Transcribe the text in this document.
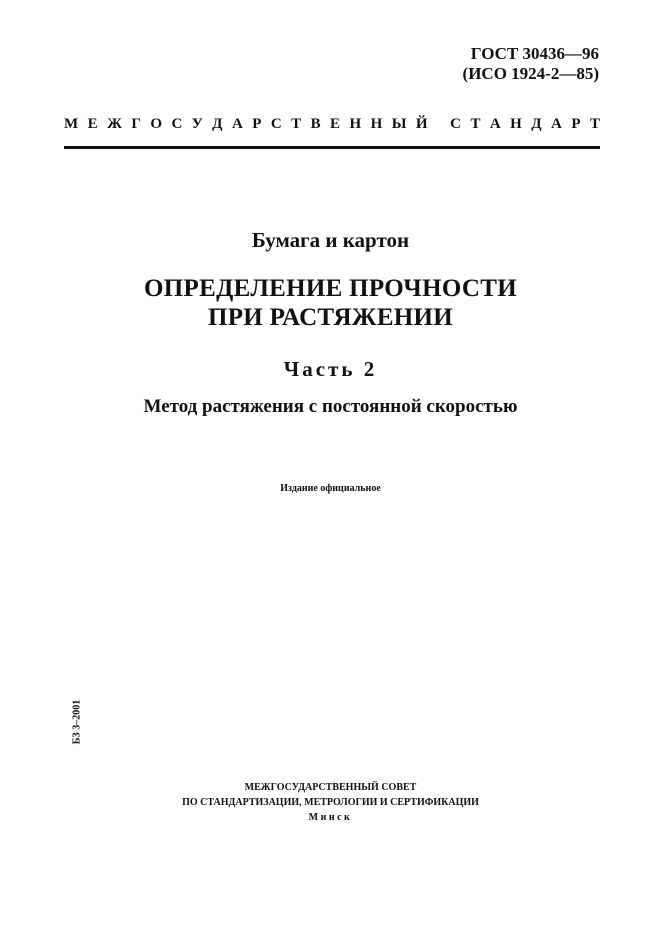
ГОСТ 30436—96
(ИСО 1924-2—85)
М Е Ж Г О С У Д А Р С Т В Е Н Н Ы Й
С Т А Н Д А Р Т
Бумага и картон
ОПРЕДЕЛЕНИЕ ПРОЧНОСТИ
ПРИ РАСТЯЖЕНИИ
Часть 2
Метод растяжения с постоянной скоростью
Издание официальное
БЗ 3–2001
МЕЖГОСУДАРСТВЕННЫЙ СОВЕТ
ПО СТАНДАРТИЗАЦИИ, МЕТРОЛОГИИ И СЕРТИФИКАЦИИ
Минск
